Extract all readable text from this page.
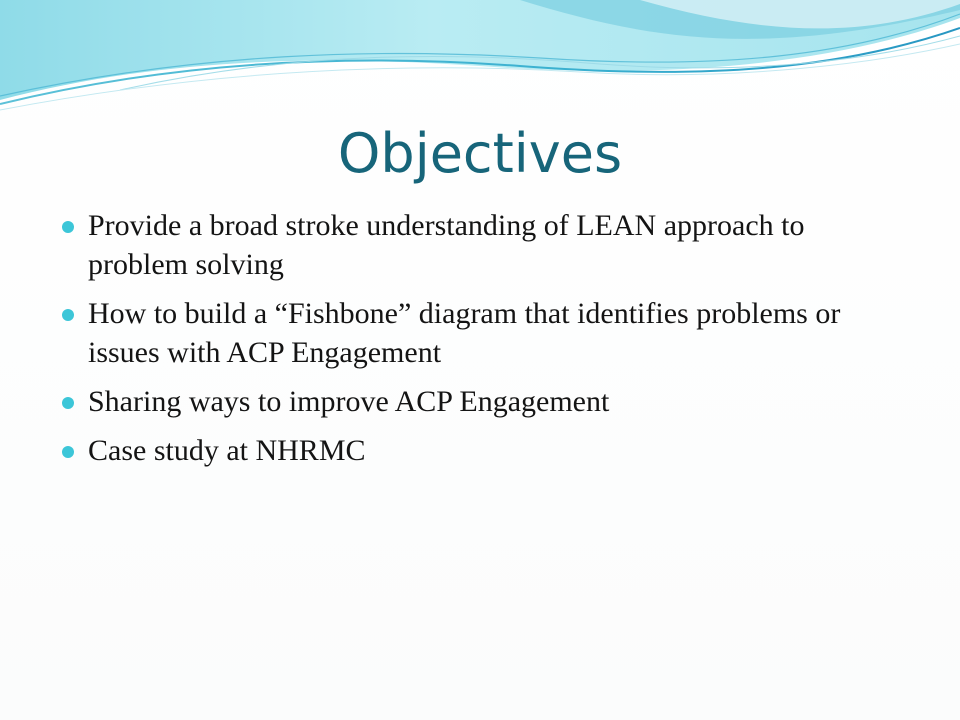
Objectives
Provide a broad stroke understanding of LEAN approach to problem solving
How to build a “Fishbone” diagram that identifies problems or issues with ACP Engagement
Sharing ways to improve ACP Engagement
Case study at NHRMC
